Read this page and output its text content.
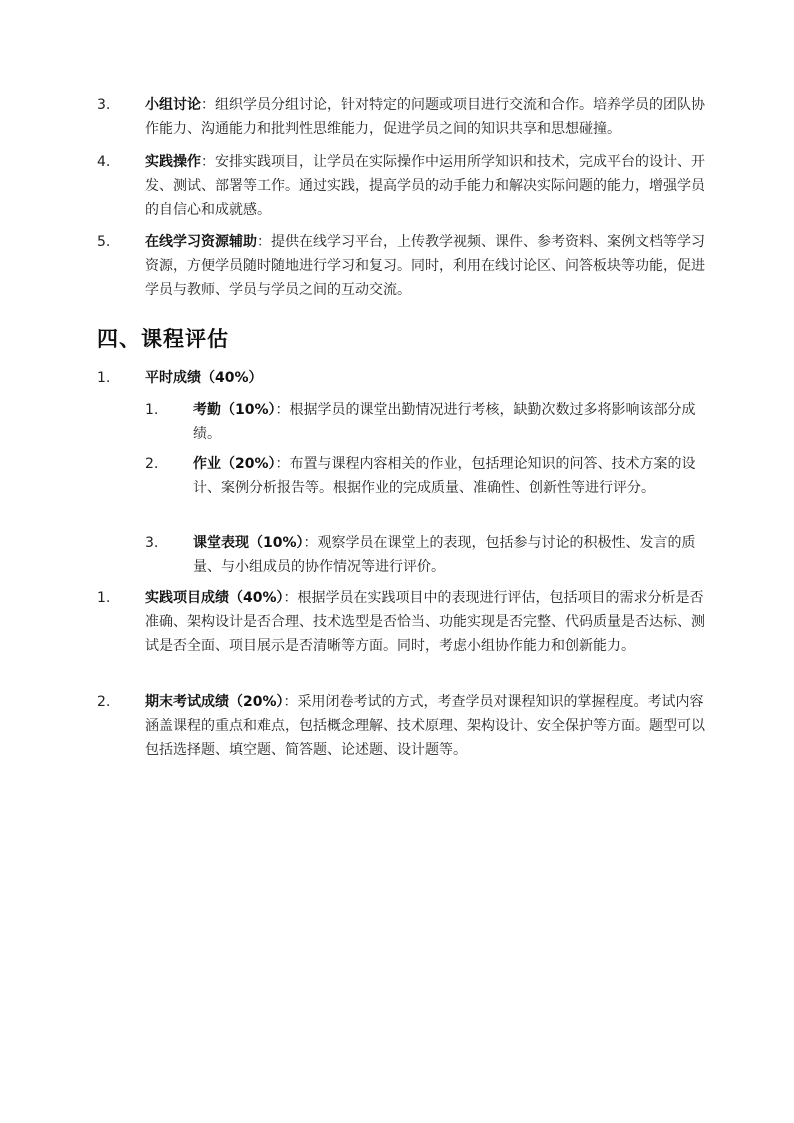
3. 小组讨论：组织学员分组讨论，针对特定的问题或项目进行交流和合作。培养学员的团队协作能力、沟通能力和批判性思维能力，促进学员之间的知识共享和思想碰撞。
4. 实践操作：安排实践项目，让学员在实际操作中运用所学知识和技术，完成平台的设计、开发、测试、部署等工作。通过实践，提高学员的动手能力和解决实际问题的能力，增强学员的自信心和成就感。
5. 在线学习资源辅助：提供在线学习平台，上传教学视频、课件、参考资料、案例文档等学习资源，方便学员随时随地进行学习和复习。同时，利用在线讨论区、问答板块等功能，促进学员与教师、学员与学员之间的互动交流。
四、课程评估
1. 平时成绩（40%）
1. 考勤（10%）：根据学员的课堂出勤情况进行考核，缺勤次数过多将影响该部分成绩。
2. 作业（20%）：布置与课程内容相关的作业，包括理论知识的问答、技术方案的设计、案例分析报告等。根据作业的完成质量、准确性、创新性等进行评分。
3. 课堂表现（10%）：观察学员在课堂上的表现，包括参与讨论的积极性、发言的质量、与小组成员的协作情况等进行评价。
1. 实践项目成绩（40%）：根据学员在实践项目中的表现进行评估，包括项目的需求分析是否准确、架构设计是否合理、技术选型是否恰当、功能实现是否完整、代码质量是否达标、测试是否全面、项目展示是否清晰等方面。同时，考虑小组协作能力和创新能力。
2. 期末考试成绩（20%）：采用闭卷考试的方式，考查学员对课程知识的掌握程度。考试内容涵盖课程的重点和难点，包括概念理解、技术原理、架构设计、安全保护等方面。题型可以包括选择题、填空题、简答题、论述题、设计题等。
